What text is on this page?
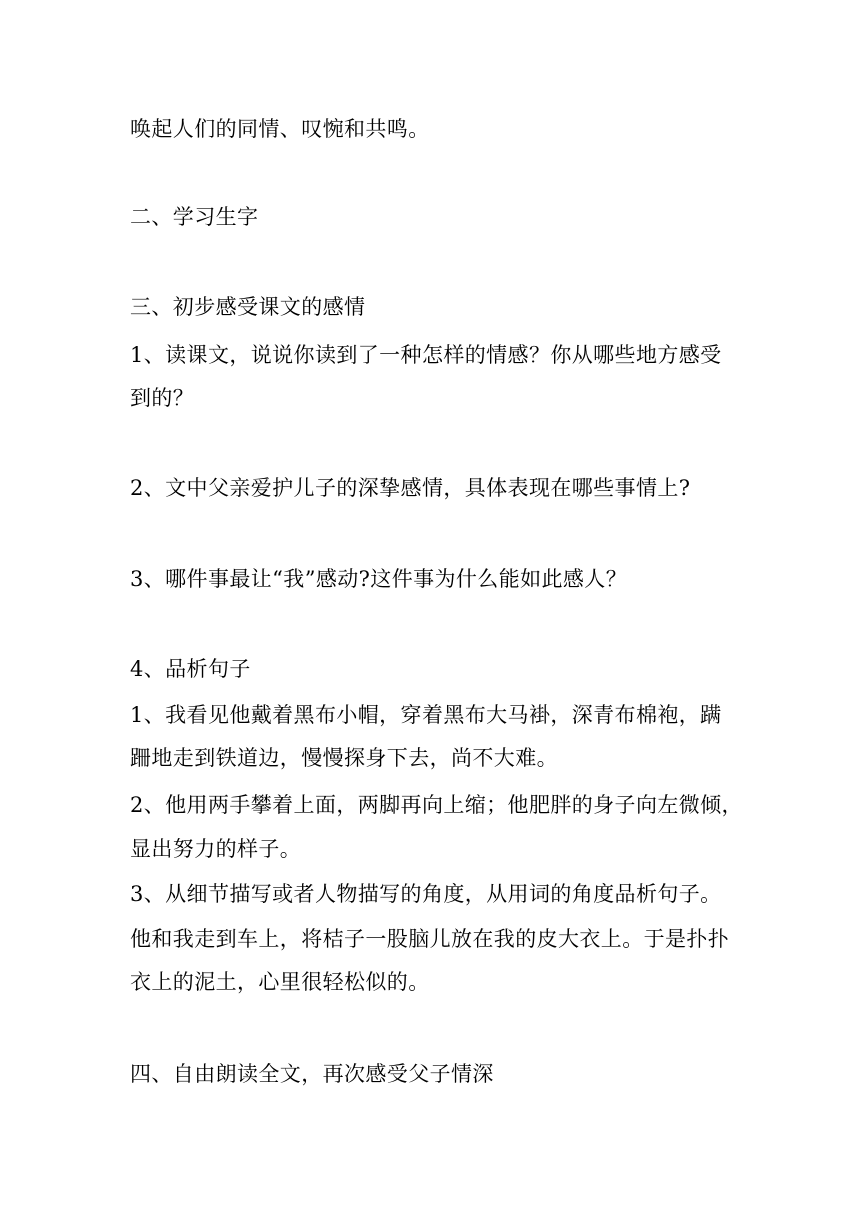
唤起人们的同情、叹惋和共鸣。
二、学习生字
三、初步感受课文的感情
1、读课文，说说你读到了一种怎样的情感？你从哪些地方感受
到的？
2、文中父亲爱护儿子的深挚感情，具体表现在哪些事情上?
3、哪件事最让“我”感动?这件事为什么能如此感人？
4、品析句子
1、我看见他戴着黑布小帽，穿着黑布大马褂，深青布棉袍，蹒
跚地走到铁道边，慢慢探身下去，尚不大难。
2、他用两手攀着上面，两脚再向上缩；他肥胖的身子向左微倾，
显出努力的样子。
3、从细节描写或者人物描写的角度，从用词的角度品析句子。
他和我走到车上，将桔子一股脑儿放在我的皮大衣上。于是扑扑
衣上的泥土，心里很轻松似的。
四、自由朗读全文，再次感受父子情深
